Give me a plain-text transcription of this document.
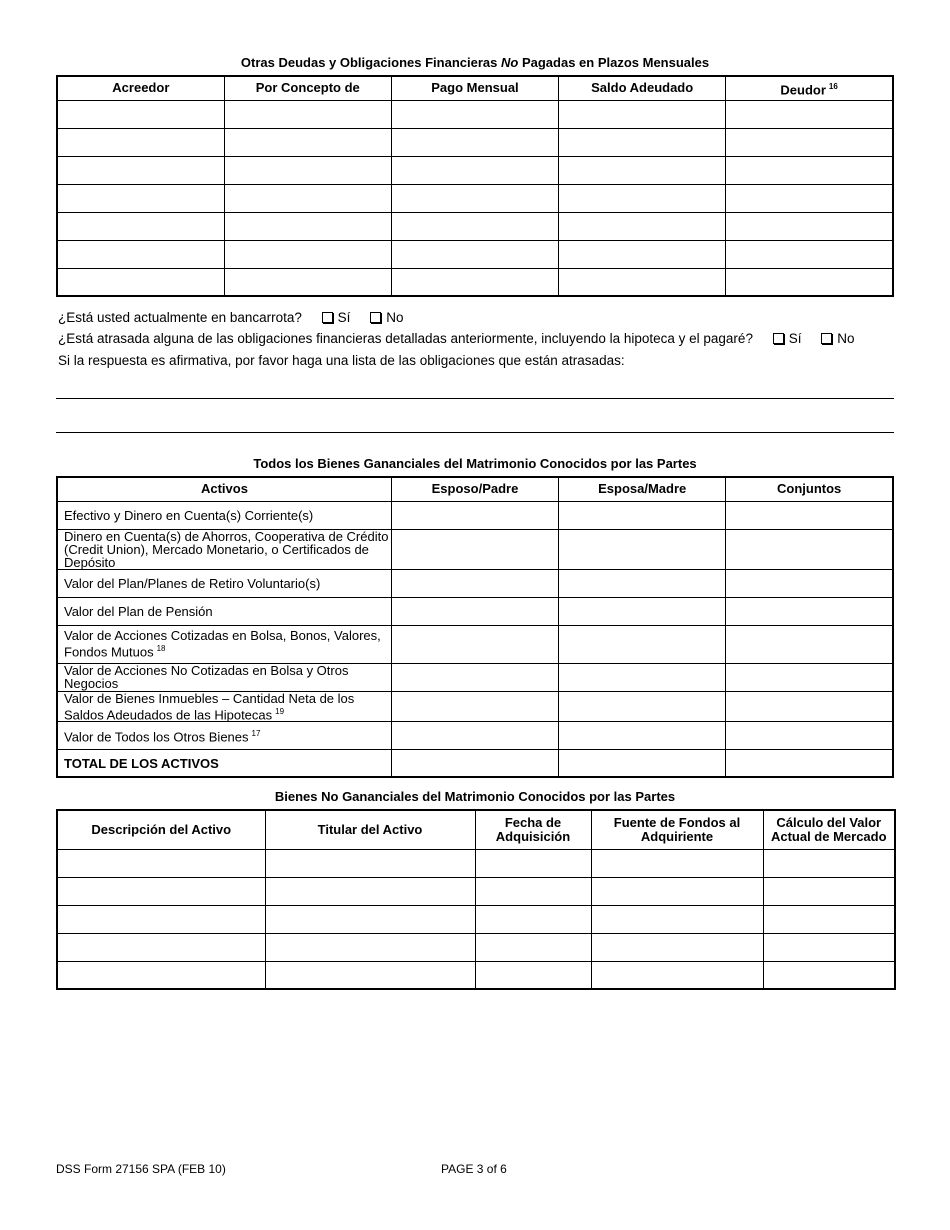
Otras Deudas y Obligaciones Financieras No Pagadas en Plazos Mensuales
Acreedor	Por Concepto de	Pago Mensual	Saldo Adeudado	Deudor $^{16}$

¿Está usted actualmente en bancarrota?	Sí	No
¿Está atrasada alguna de las obligaciones financieras detalladas anteriormente, incluyendo la hipoteca y el pagaré?	Sí	No
Si la respuesta es afirmativa, por favor haga una lista de las obligaciones que están atrasadas:
Todos los Bienes Gananciales del Matrimonio Conocidos por las Partes
Activos	Esposo/Padre	Esposa/Madre	Conjuntos
Efectivo y Dinero en Cuenta(s) Corriente(s)			
Dinero en Cuenta(s) de Ahorros, Cooperativa de Crédito (Credit Union), Mercado Monetario, o Certificados de Depósito			
Valor del Plan/Planes de Retiro Voluntario(s)			
Valor del Plan de Pensión			
Valor de Acciones Cotizadas en Bolsa, Bonos, Valores, Fondos Mutuos $^{18}$			
Valor de Acciones No Cotizadas en Bolsa y Otros Negocios			
Valor de Bienes Inmuebles – Cantidad Neta de los Saldos Adeudados de las Hipotecas $^{19}$			
Valor de Todos los Otros Bienes $^{17}$			
TOTAL DE LOS ACTIVOS			
Bienes No Gananciales del Matrimonio Conocidos por las Partes
Descripción del Activo	Titular del Activo	Fecha de Adquisición	Fuente de Fondos al Adquiriente	Cálculo del Valor Actual de Mercado

DSS Form 27156 SPA (FEB 10)	PAGE 3 of 6
